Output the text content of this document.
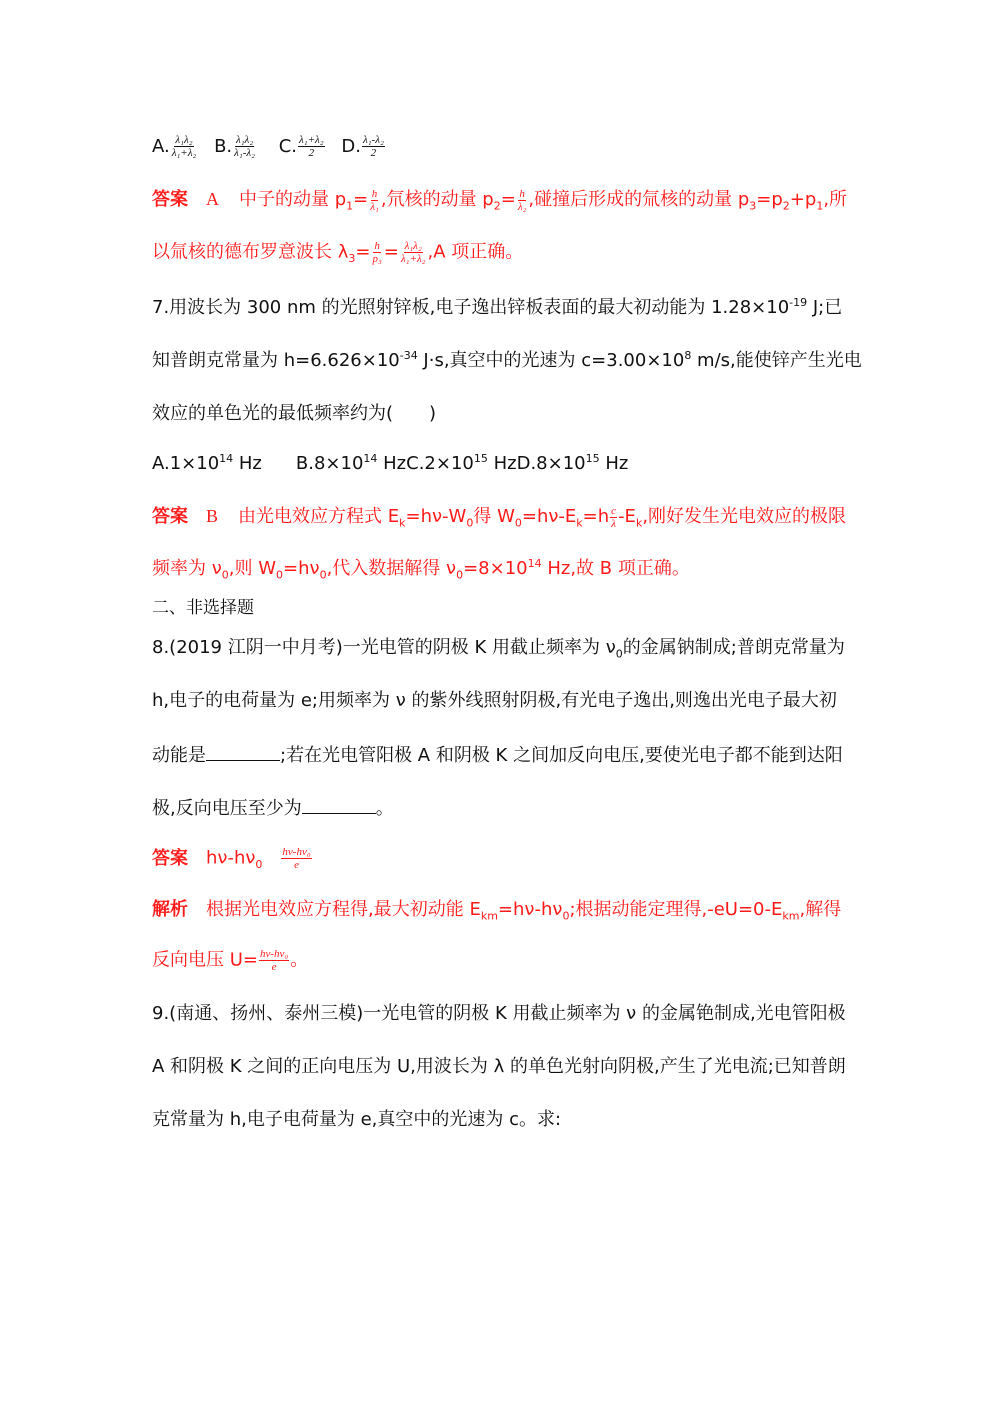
A. $\frac{\text{λ₁λ₂}}{\text{λ₁+λ₂}} B$. $\frac{\text{λ₁λ₂}}{\text{λ₁-λ₂}} C$. $\frac{\text{λ₁+λ₂}}{2} D$. $\frac{\text{λ₁-λ₂}}{2}$
答案 A 中子的动量 $p_1= \frac{h}{\text{λ₁}}$ ,氘核的动量 $p_2= \frac{h}{\text{λ₂}}$ ,碰撞后形成的氚核的动量 $p_3=p_2+p_1$,所
以氚核的德布罗意波长 $\lambda_3= \frac{h}{\text{p₃}} = \frac{\text{λ₁λ₂}}{\text{λ₁+λ₂}} ,A$ 项正确。
7.用波长为 300 nm 的光照射锌板,电子逸出锌板表面的最大初动能为 $1.28\times 10^{-19}$ J;已
知普朗克常量为 $h=6.626\times 10^{-34}$ J·s,真空中的光速为 $c=3.00\times 10^8$ m/s,能使锌产生光电
效应的单色光的最低频率约为(　　)
$A.1\times 10^{14}$ Hz $B.8\times 10^{14}$ $HzC.2\times 10^{15}$ $HzD.8\times 10^{15}$ Hz
答案 B 由光电效应方程式 $E_k=h\nu-W_0$得 $W_0=h\nu-E_k=h \frac{c}{\lambda} -E_k$,刚好发生光电效应的极限
频率为 $\nu_0$,则 $W_0=h\nu_0$,代入数据解得 $\nu_0=8\times 10^{14}$ Hz,故 B 项正确。
二、非选择题
8.(2019 江阴一中月考)一光电管的阴极 K 用截止频率为 $\nu_0$的金属钠制成;普朗克常量为
h,电子的电荷量为 e;用频率为 ν 的紫外线照射阴极,有光电子逸出,则逸出光电子最大初
动能是	;若在光电管阳极 A 和阴极 K 之间加反向电压,要使光电子都不能到达阳
极,反向电压至少为	。
答案 $h\nu-h\nu_0 \frac{\text{hν-hν₀}}{e}$
解析 根据光电效应方程得,最大初动能 $E_{km}=h\nu-h\nu_0$;根据动能定理得$,-eU=0-E_{km}$,解得
反向电压 $U= \frac{\text{hν-hν₀}}{e}$ 。
9.(南通、扬州、泰州三模)一光电管的阴极 K 用截止频率为 ν 的金属铯制成,光电管阳极
A 和阴极 K 之间的正向电压为 U,用波长为 λ 的单色光射向阴极,产生了光电流;已知普朗
克常量为 h,电子电荷量为 e,真空中的光速为 c。求:
